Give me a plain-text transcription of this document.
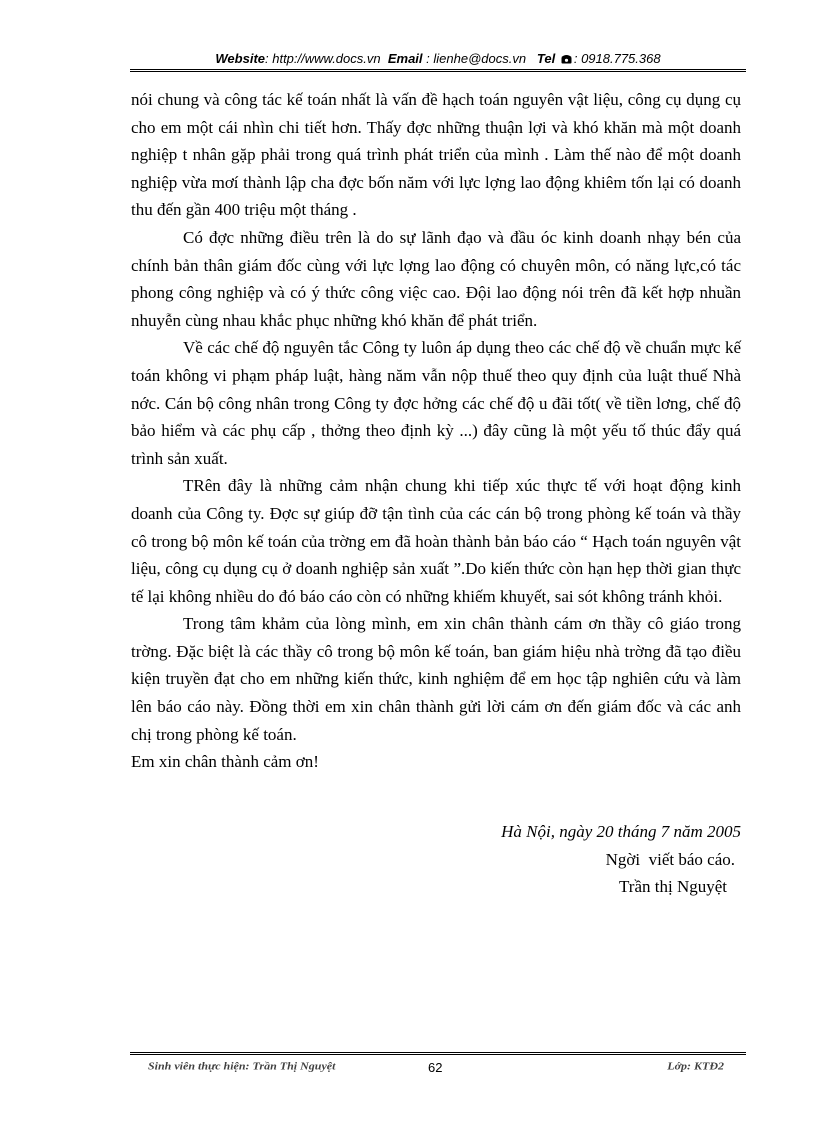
Website: http://www.docs.vn Email : lienhe@docs.vn Tel : 0918.775.368

nói chung và công tác kế toán nhất là vấn đề hạch toán nguyên vật liệu, công cụ dụng cụ cho em một cái nhìn chi tiết hơn. Thấy đợc những thuận lợi và khó khăn mà một doanh nghiệp t nhân gặp phải trong quá trình phát triển của mình . Làm thế nào để một doanh nghiệp vừa mơí thành lập cha đợc bốn năm với lực lợng lao động khiêm tốn lại có doanh thu đến gần 400 triệu một tháng .

Có đợc những điều trên là do sự lãnh đạo và đầu óc kinh doanh nhạy bén của chính bản thân giám đốc cùng với lực lợng lao động có chuyên môn, có năng lực,có tác phong công nghiệp và có ý thức công việc cao. Đội lao động nói trên đã kết hợp nhuần nhuyễn cùng nhau khắc phục những khó khăn để phát triển.

Về các chế độ nguyên tắc Công ty luôn áp dụng theo các chế độ về chuẩn mực kế toán không vi phạm pháp luật, hàng năm vẫn nộp thuế theo quy định của luật thuế Nhà nớc. Cán bộ công nhân trong Công ty đợc hởng các chế độ u đãi tốt( về tiền lơng, chế độ bảo hiểm và các phụ cấp , thởng theo định kỳ ...) đây cũng là một yếu tố thúc đẩy quá trình sản xuất.

TRên đây là những cảm nhận chung khi tiếp xúc thực tế với hoạt động kinh doanh của Công ty. Đợc sự giúp đỡ tận tình của các cán bộ trong phòng kế toán và thầy cô trong bộ môn kế toán của trờng em đã hoàn thành bản báo cáo “ Hạch toán nguyên vật liệu, công cụ dụng cụ ở doanh nghiệp sản xuất ”.Do kiến thức còn hạn hẹp thời gian thực tế lại không nhiều do đó báo cáo còn có những khiếm khuyết, sai sót không tránh khỏi.

Trong tâm khảm của lòng mình, em xin chân thành cám ơn thầy cô giáo trong trờng. Đặc biệt là các thầy cô trong bộ môn kế toán, ban giám hiệu nhà trờng đã tạo điều kiện truyền đạt cho em những kiến thức, kinh nghiệm để em học tập nghiên cứu và làm lên báo cáo này. Đồng thời em xin chân thành gửi lời cám ơn đến giám đốc và các anh chị trong phòng kế toán.

Em xin chân thành cảm ơn!

Hà Nội, ngày 20 tháng 7 năm 2005
Ngời  viết báo cáo.
Trần thị Nguyệt
Sinh viên thực hiện: Trần Thị Nguyệt	62	Lớp: KTĐ2
